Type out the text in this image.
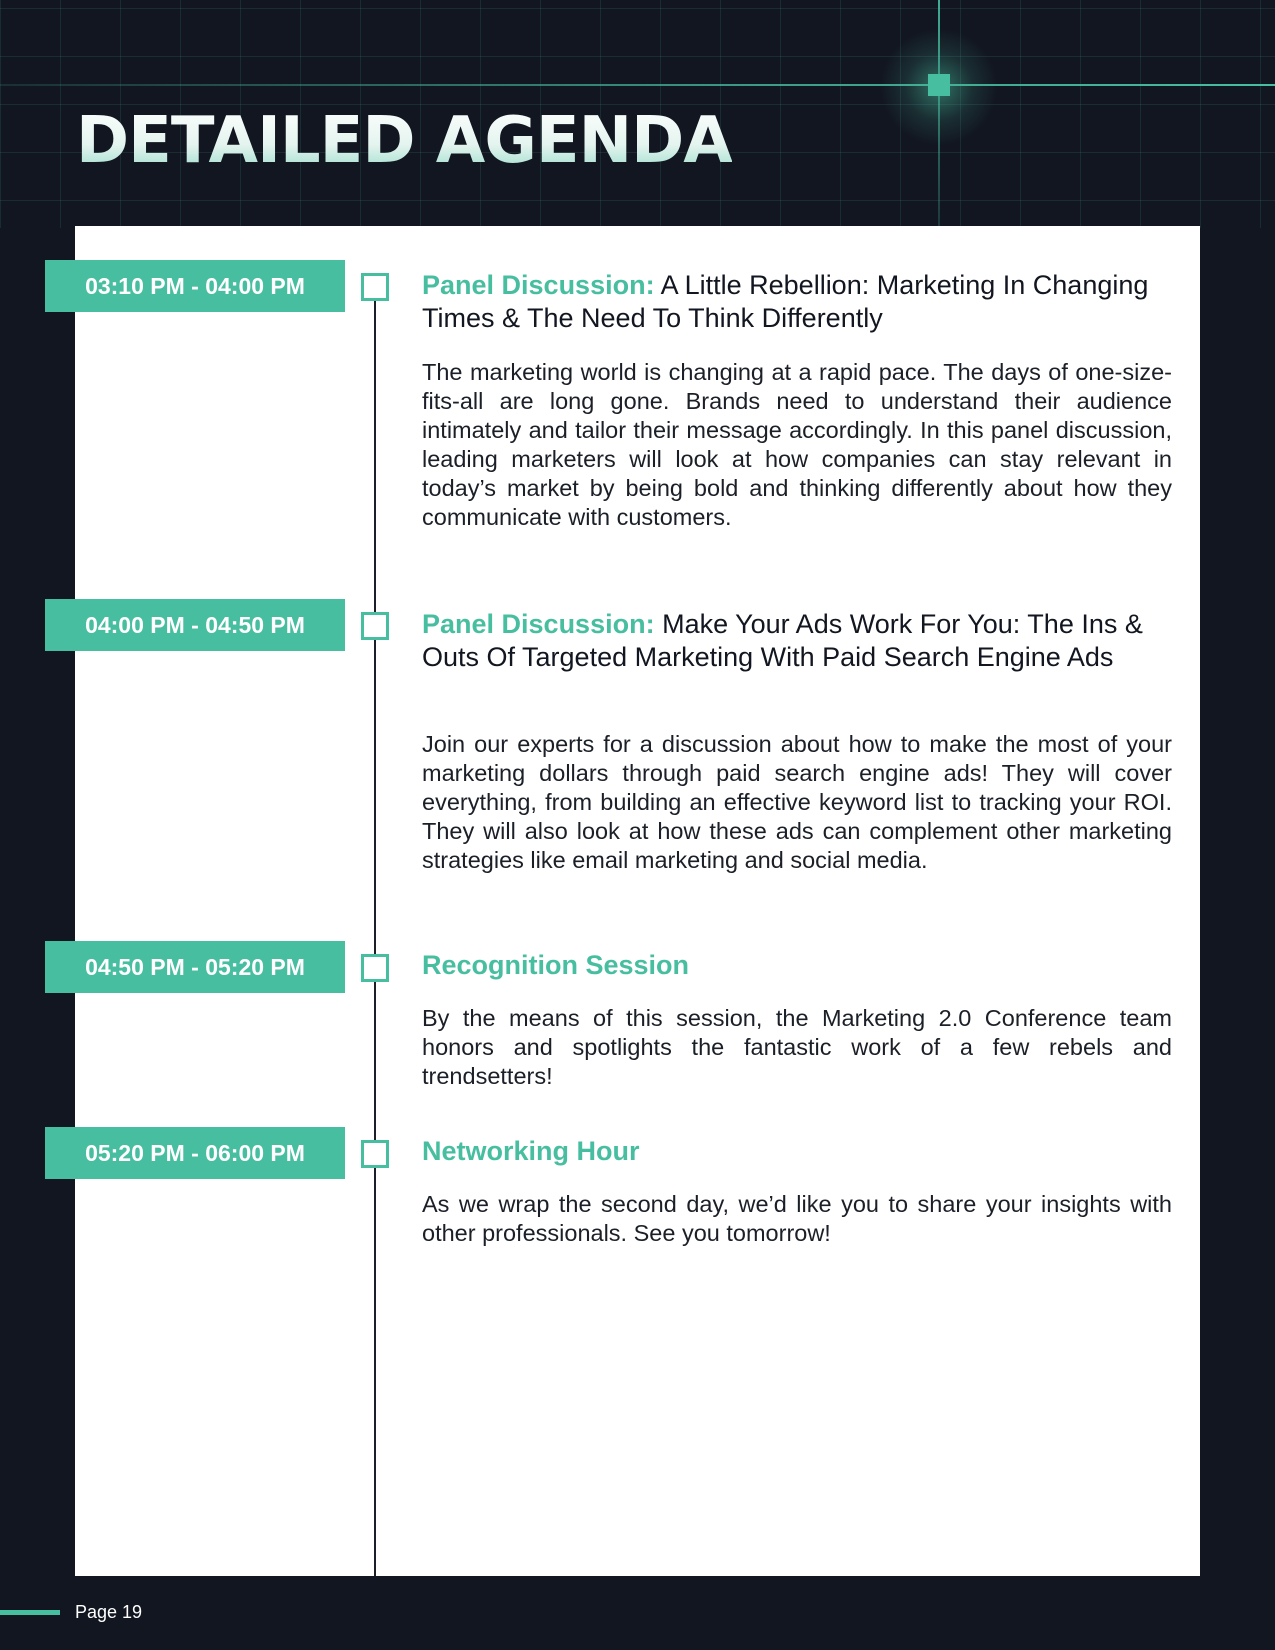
DETAILED AGENDA
03:10 PM - 04:00 PM	Panel Discussion: A Little Rebellion: Marketing In Changing Times & The Need To Think Differently

The marketing world is changing at a rapid pace. The days of one-size-fits-all are long gone. Brands need to understand their audience intimately and tailor their message accordingly. In this panel discussion, leading marketers will look at how companies can stay relevant in today’s market by being bold and thinking differently about how they communicate with customers.

04:00 PM - 04:50 PM	Panel Discussion: Make Your Ads Work For You: The Ins & Outs Of Targeted Marketing With Paid Search Engine Ads

Join our experts for a discussion about how to make the most of your marketing dollars through paid search engine ads! They will cover everything, from building an effective keyword list to tracking your ROI. They will also look at how these ads can complement other marketing strategies like email marketing and social media.

04:50 PM - 05:20 PM	Recognition Session

By the means of this session, the Marketing 2.0 Conference team honors and spotlights the fantastic work of a few rebels and trendsetters!

05:20 PM - 06:00 PM	Networking Hour

As we wrap the second day, we’d like you to share your insights with other professionals. See you tomorrow!

Page 19
